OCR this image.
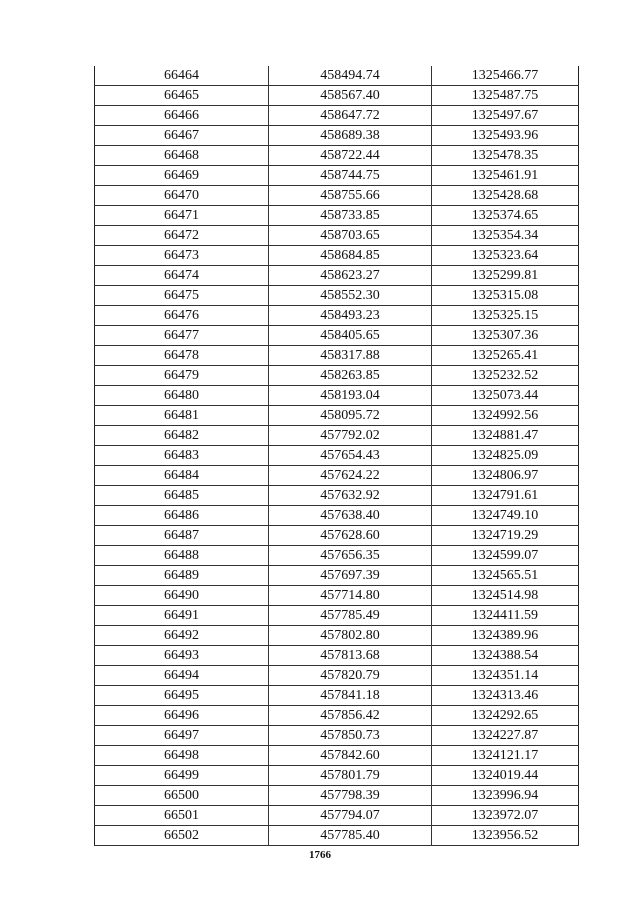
66464	458494.74	1325466.77
66465	458567.40	1325487.75
66466	458647.72	1325497.67
66467	458689.38	1325493.96
66468	458722.44	1325478.35
66469	458744.75	1325461.91
66470	458755.66	1325428.68
66471	458733.85	1325374.65
66472	458703.65	1325354.34
66473	458684.85	1325323.64
66474	458623.27	1325299.81
66475	458552.30	1325315.08
66476	458493.23	1325325.15
66477	458405.65	1325307.36
66478	458317.88	1325265.41
66479	458263.85	1325232.52
66480	458193.04	1325073.44
66481	458095.72	1324992.56
66482	457792.02	1324881.47
66483	457654.43	1324825.09
66484	457624.22	1324806.97
66485	457632.92	1324791.61
66486	457638.40	1324749.10
66487	457628.60	1324719.29
66488	457656.35	1324599.07
66489	457697.39	1324565.51
66490	457714.80	1324514.98
66491	457785.49	1324411.59
66492	457802.80	1324389.96
66493	457813.68	1324388.54
66494	457820.79	1324351.14
66495	457841.18	1324313.46
66496	457856.42	1324292.65
66497	457850.73	1324227.87
66498	457842.60	1324121.17
66499	457801.79	1324019.44
66500	457798.39	1323996.94
66501	457794.07	1323972.07
66502	457785.40	1323956.52
1766
